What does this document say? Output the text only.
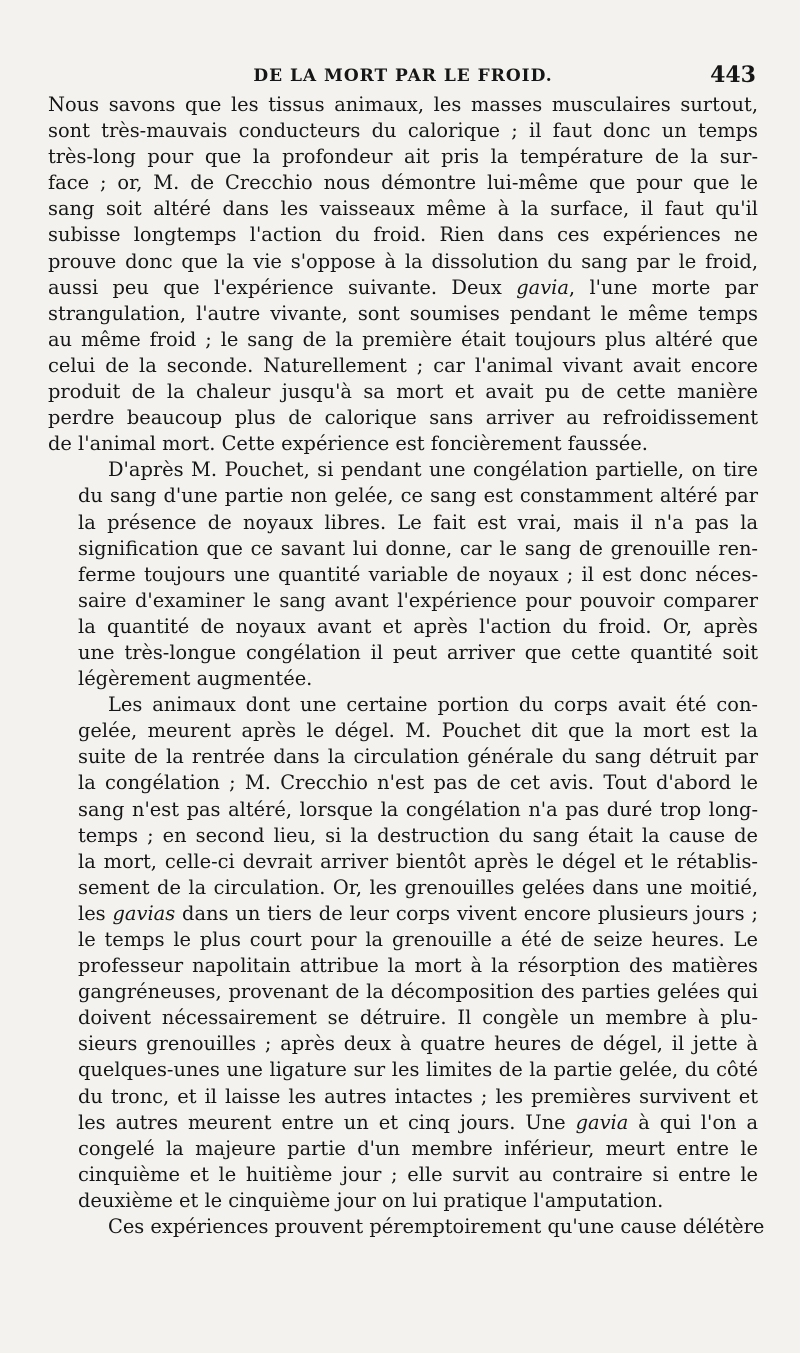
DE LA MORT PAR LE FROID.	443
Nous savons que les tissus animaux, les masses musculaires surtout,
sont très-mauvais conducteurs du calorique ; il faut donc un temps
très-long pour que la profondeur ait pris la température de la sur-
face ; or, M. de Crecchio nous démontre lui-même que pour que le
sang soit altéré dans les vaisseaux même à la surface, il faut qu'il
subisse longtemps l'action du froid. Rien dans ces expériences ne
prouve donc que la vie s'oppose à la dissolution du sang par le froid,
aussi peu que l'expérience suivante. Deux gavia, l'une morte par
strangulation, l'autre vivante, sont soumises pendant le même temps
au même froid ; le sang de la première était toujours plus altéré que
celui de la seconde. Naturellement ; car l'animal vivant avait encore
produit de la chaleur jusqu'à sa mort et avait pu de cette manière
perdre beaucoup plus de calorique sans arriver au refroidissement
de l'animal mort. Cette expérience est foncièrement faussée.
D'après M. Pouchet, si pendant une congélation partielle, on tire
du sang d'une partie non gelée, ce sang est constamment altéré par
la présence de noyaux libres. Le fait est vrai, mais il n'a pas la
signification que ce savant lui donne, car le sang de grenouille ren-
ferme toujours une quantité variable de noyaux ; il est donc néces-
saire d'examiner le sang avant l'expérience pour pouvoir comparer
la quantité de noyaux avant et après l'action du froid. Or, après
une très-longue congélation il peut arriver que cette quantité soit
légèrement augmentée.
Les animaux dont une certaine portion du corps avait été con-
gelée, meurent après le dégel. M. Pouchet dit que la mort est la
suite de la rentrée dans la circulation générale du sang détruit par
la congélation ; M. Crecchio n'est pas de cet avis. Tout d'abord le
sang n'est pas altéré, lorsque la congélation n'a pas duré trop long-
temps ; en second lieu, si la destruction du sang était la cause de
la mort, celle-ci devrait arriver bientôt après le dégel et le rétablis-
sement de la circulation. Or, les grenouilles gelées dans une moitié,
les gavias dans un tiers de leur corps vivent encore plusieurs jours ;
le temps le plus court pour la grenouille a été de seize heures. Le
professeur napolitain attribue la mort à la résorption des matières
gangréneuses, provenant de la décomposition des parties gelées qui
doivent nécessairement se détruire. Il congèle un membre à plu-
sieurs grenouilles ; après deux à quatre heures de dégel, il jette à
quelques-unes une ligature sur les limites de la partie gelée, du côté
du tronc, et il laisse les autres intactes ; les premières survivent et
les autres meurent entre un et cinq jours. Une gavia à qui l'on a
congelé la majeure partie d'un membre inférieur, meurt entre le
cinquième et le huitième jour ; elle survit au contraire si entre le
deuxième et le cinquième jour on lui pratique l'amputation.
Ces expériences prouvent péremptoirement qu'une cause délétère
